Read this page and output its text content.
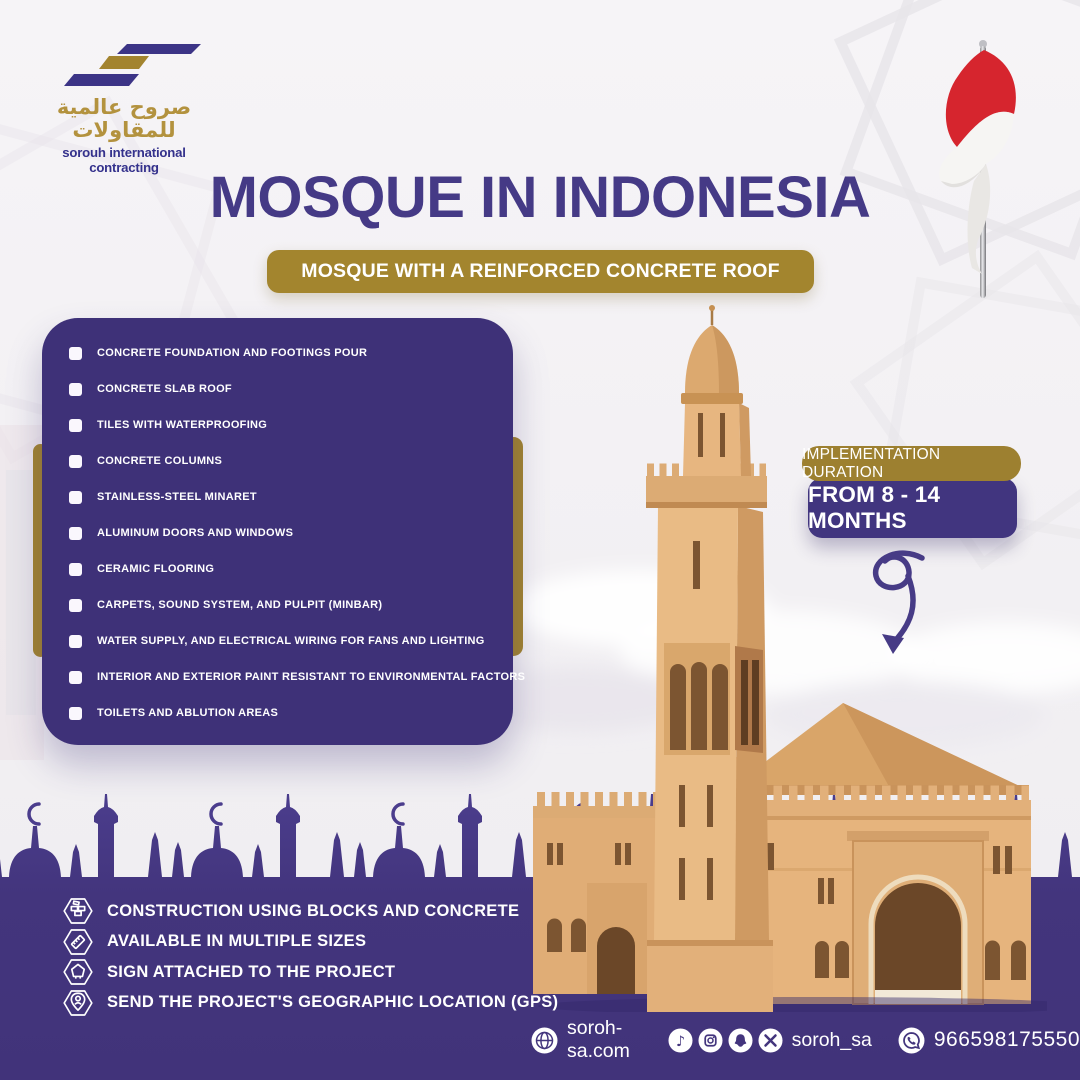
صروح عالمية للمقاولات
sorouh international contracting MOSQUE IN INDONESIA
MOSQUE WITH A REINFORCED CONCRETE ROOF
CONCRETE FOUNDATION AND FOOTINGS POUR
CONCRETE SLAB ROOF
TILES WITH WATERPROOFING
CONCRETE COLUMNS
STAINLESS-STEEL MINARET
ALUMINUM DOORS AND WINDOWS
CERAMIC FLOORING
CARPETS, SOUND SYSTEM, AND PULPIT (MINBAR)
WATER SUPPLY, AND ELECTRICAL WIRING FOR FANS AND LIGHTING
INTERIOR AND EXTERIOR PAINT RESISTANT TO ENVIRONMENTAL FACTORS
TOILETS AND ABLUTION AREAS
IMPLEMENTATION DURATION
FROM 8 - 14 MONTHS
CONSTRUCTION USING BLOCKS AND CONCRETE
AVAILABLE IN MULTIPLE SIZES
SIGN ATTACHED TO THE PROJECT
SEND THE PROJECT'S GEOGRAPHIC LOCATION (GPS)
soroh-sa.com	♪	soroh_sa	966598175550
